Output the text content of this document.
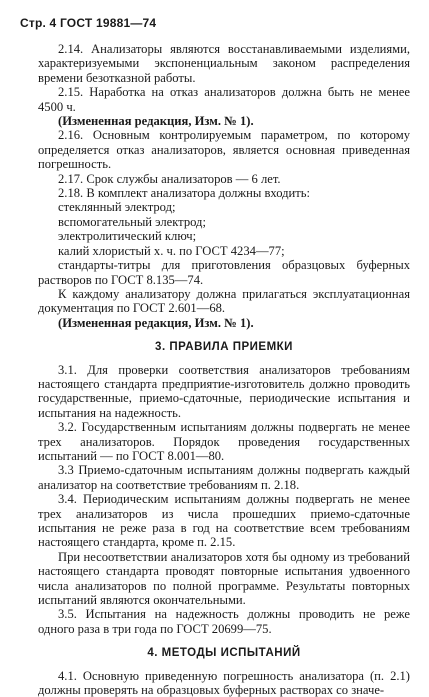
Стр. 4 ГОСТ 19881—74

2.14. Анализаторы являются восстанавливаемыми изделиями, характеризуемыми экспоненциальным законом распределения времени безотказной работы.

2.15. Наработка на отказ анализаторов должна быть не менее 4500 ч.

(Измененная редакция, Изм. № 1).

2.16. Основным контролируемым параметром, по которому определяется отказ анализаторов, является основная приведенная погрешность.

2.17. Срок службы анализаторов — 6 лет.

2.18. В комплект анализатора должны входить:

стеклянный электрод;

вспомогательный электрод;

электролитический ключ;

калий хлористый х. ч. по ГОСТ 4234—77;

стандарты-титры для приготовления образцовых буферных растворов по ГОСТ 8.135—74.

К каждому анализатору должна прилагаться эксплуатационная документация по ГОСТ 2.601—68.

(Измененная редакция, Изм. № 1).

3. ПРАВИЛА ПРИЕМКИ

3.1. Для проверки соответствия анализаторов требованиям настоящего стандарта предприятие-изготовитель должно проводить государственные, приемо-сдаточные, периодические испытания и испытания на надежность.

3.2. Государственным испытаниям должны подвергать не менее трех анализаторов. Порядок проведения государственных испытаний — по ГОСТ 8.001—80.

3.3 Приемо-сдаточным испытаниям должны подвергать каждый анализатор на соответствие требованиям п. 2.18.

3.4. Периодическим испытаниям должны подвергать не менее трех анализаторов из числа прошедших приемо-сдаточные испытания не реже раза в год на соответствие всем требованиям настоящего стандарта, кроме п. 2.15.

При несоответствии анализаторов хотя бы одному из требований настоящего стандарта проводят повторные испытания удвоенного числа анализаторов по полной программе. Результаты повторных испытаний являются окончательными.

3.5. Испытания на надежность должны проводить не реже одного раза в три года по ГОСТ 20699—75.

4. МЕТОДЫ ИСПЫТАНИЙ

4.1. Основную приведенную погрешность анализатора (п. 2.1) должны проверять на образцовых буферных растворах со значе-
